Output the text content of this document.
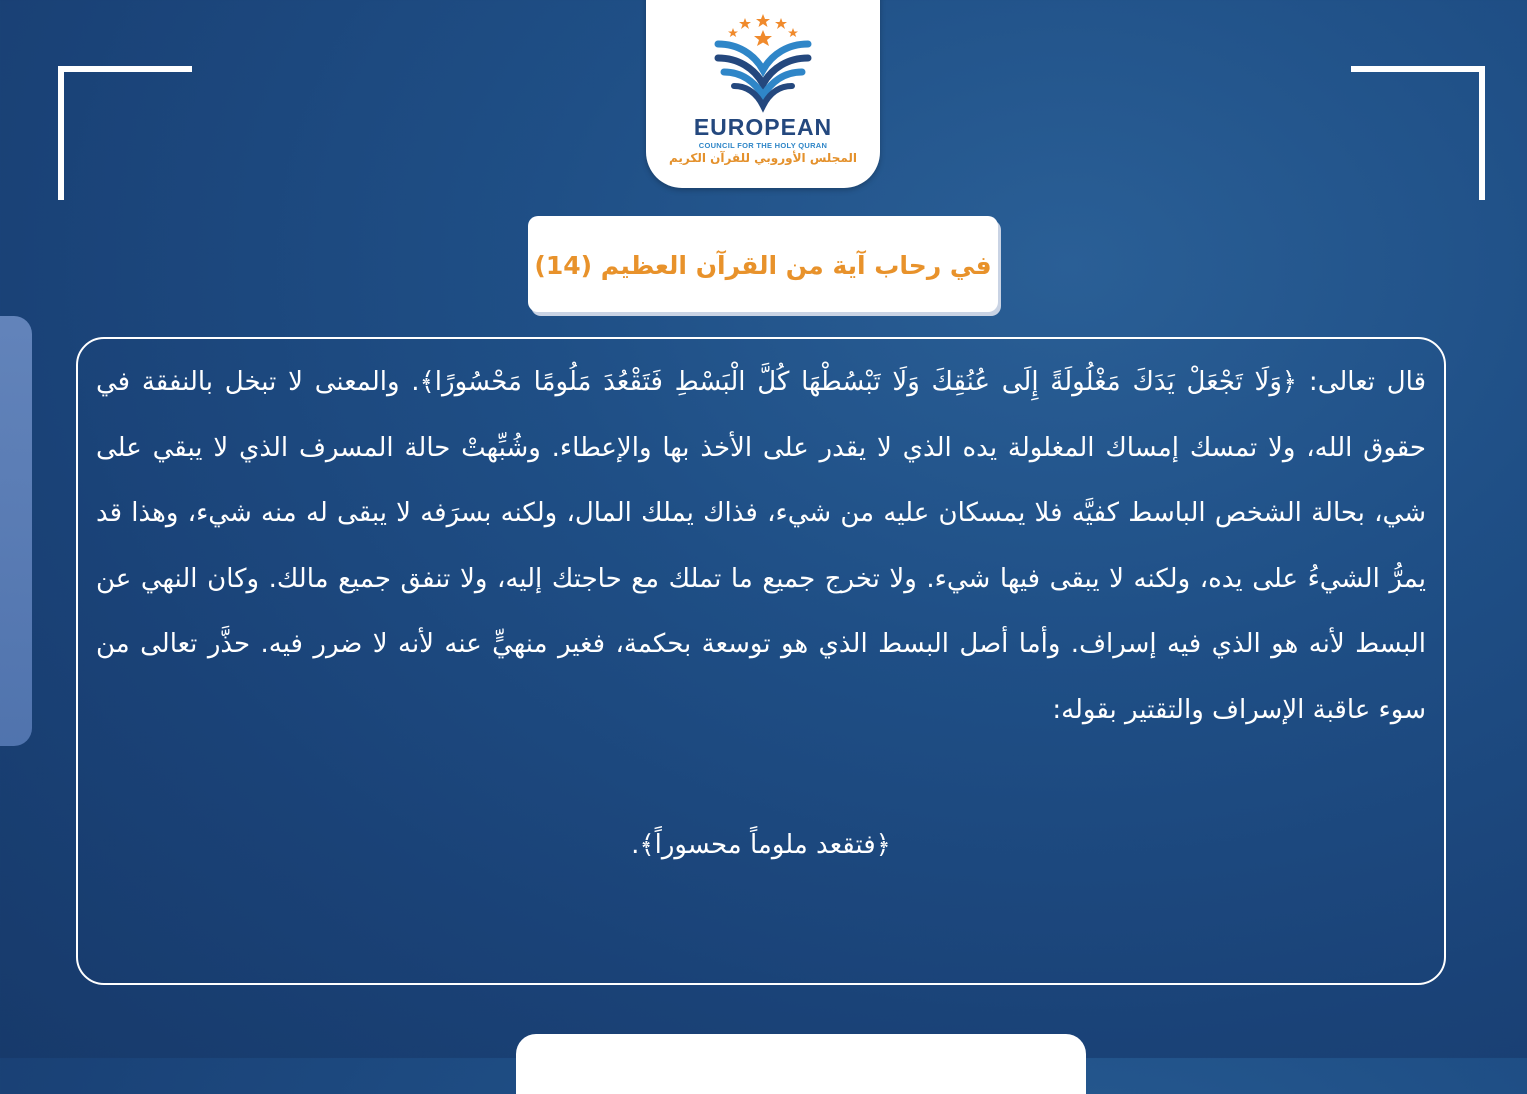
EUROPEAN
COUNCIL FOR THE HOLY QURAN
المجلس الأوروبي للقرآن الكريم
في رحاب آية من القرآن العظيم (14)

قال تعالى: ﴿وَلَا تَجْعَلْ يَدَكَ مَغْلُولَةً إِلَى عُنُقِكَ وَلَا تَبْسُطْهَا كُلَّ الْبَسْطِ فَتَقْعُدَ مَلُومًا مَحْسُورًا﴾. والمعنى لا تبخل بالنفقة في حقوق الله، ولا تمسك إمساك المغلولة يده الذي لا يقدر على الأخذ بها والإعطاء. وشُبِّهتْ حالة المسرف الذي لا يبقي على شي، بحالة الشخص الباسط كفيَّه فلا يمسكان عليه من شيء، فذاك يملك المال، ولكنه بسرَفه لا يبقى له منه شيء، وهذا قد يمرُّ الشيءُ على يده، ولكنه لا يبقى فيها شيء. ولا تخرج جميع ما تملك مع حاجتك إليه، ولا تنفق جميع مالك. وكان النهي عن البسط لأنه هو الذي فيه إسراف. وأما أصل البسط الذي هو توسعة بحكمة، فغير منهيٍّ عنه لأنه لا ضرر فيه. حذَّر تعالى من سوء عاقبة الإسراف والتقتير بقوله:

﴿فتقعد ملوماً محسوراً﴾.
